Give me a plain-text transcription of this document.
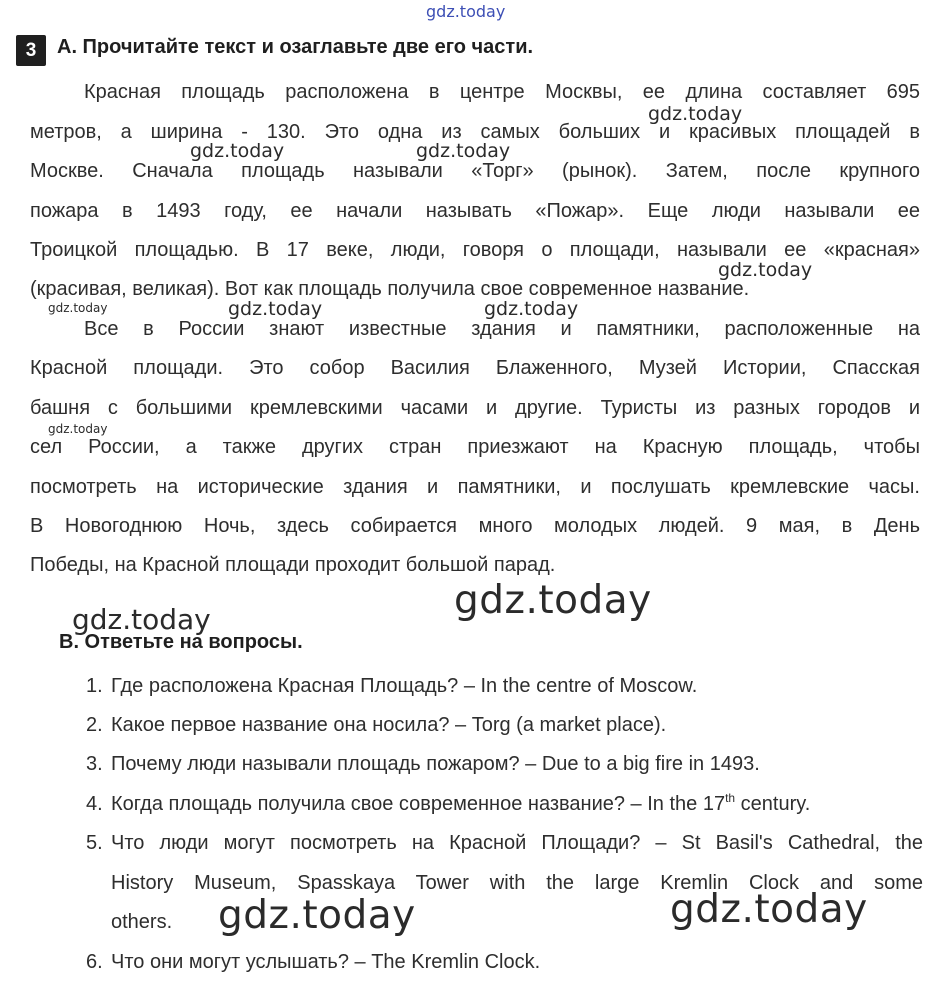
gdz.today
3	А. Прочитайте текст и озаглавьте две его части.
Красная площадь расположена в центре Москвы, ее длина составляет 695
метров, а ширина - 130. Это одна из самых больших и красивых площадей в
Москве. Сначала площадь называли «Торг» (рынок). Затем, после крупного
пожара в 1493 году, ее начали называть «Пожар». Еще люди называли ее
Троицкой площадью. В 17 веке, люди, говоря о площади, называли ее «красная»
(красивая, великая). Вот как площадь получила свое современное название.
Все в России знают известные здания и памятники, расположенные на
Красной площади. Это собор Василия Блаженного, Музей Истории, Спасская
башня с большими кремлевскими часами и другие. Туристы из разных городов и
сел России, а также других стран приезжают на Красную площадь, чтобы
посмотреть на исторические здания и памятники, и послушать кремлевские часы.
В Новогоднюю Ночь, здесь собирается много молодых людей. 9 мая, в День
Победы, на Красной площади проходит большой парад.
В. Ответьте на вопросы.
1. Где расположена Красная Площадь? – In the centre of Moscow.
2. Какое первое название она носила? – Torg (a market place).
3. Почему люди называли площадь пожаром? – Due to a big fire in 1493.
4. Когда площадь получила свое современное название? – In the 17th century.
5. Что люди могут посмотреть на Красной Площади? – St Basil's Cathedral, the
History Museum, Spasskaya Tower with the large Kremlin Clock and some
others.
6. Что они могут услышать? – The Kremlin Clock.
gdz.today
gdz.today	gdz.today
gdz.today
gdz.today	gdz.today	gdz.today
gdz.today
gdz.today
gdz.today
gdz.today	gdz.today
